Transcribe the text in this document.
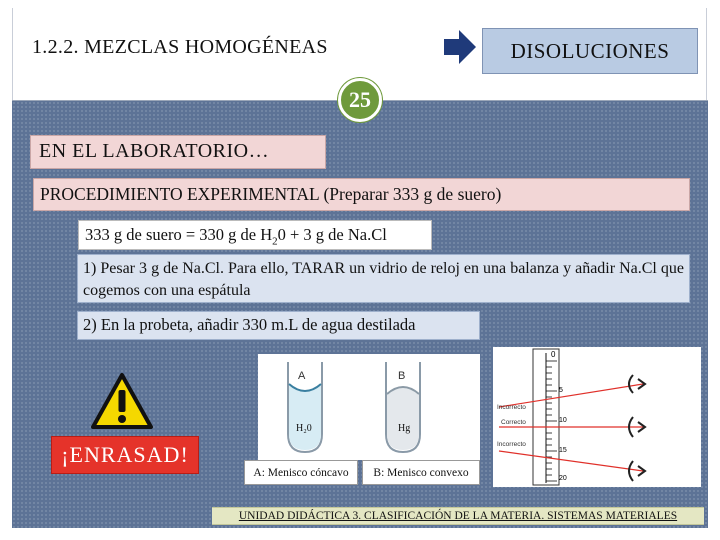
1.2.2. MEZCLAS HOMOGÉNEAS	DISOLUCIONES
25
EN EL LABORATORIO…
PROCEDIMIENTO EXPERIMENTAL (Preparar 333 g de suero)
333 g de suero = 330 g de $H_20 + 3$ g de Na.Cl
1) Pesar 3 g de Na.Cl. Para ello, TARAR un vidrio de reloj en una balanza y añadir Na.Cl que cogemos con una espátula
2) En la probeta, añadir 330 m.L de agua destilada
¡ENRASAD!
A	B
H₂0	Hg
A: Menisco cóncavo	B: Menisco convexo
0
5
10
15
20
Incorrecto
Correcto
Incorrecto
UNIDAD DIDÁCTICA 3. CLASIFICACIÓN DE LA MATERIA. SISTEMAS MATERIALES
